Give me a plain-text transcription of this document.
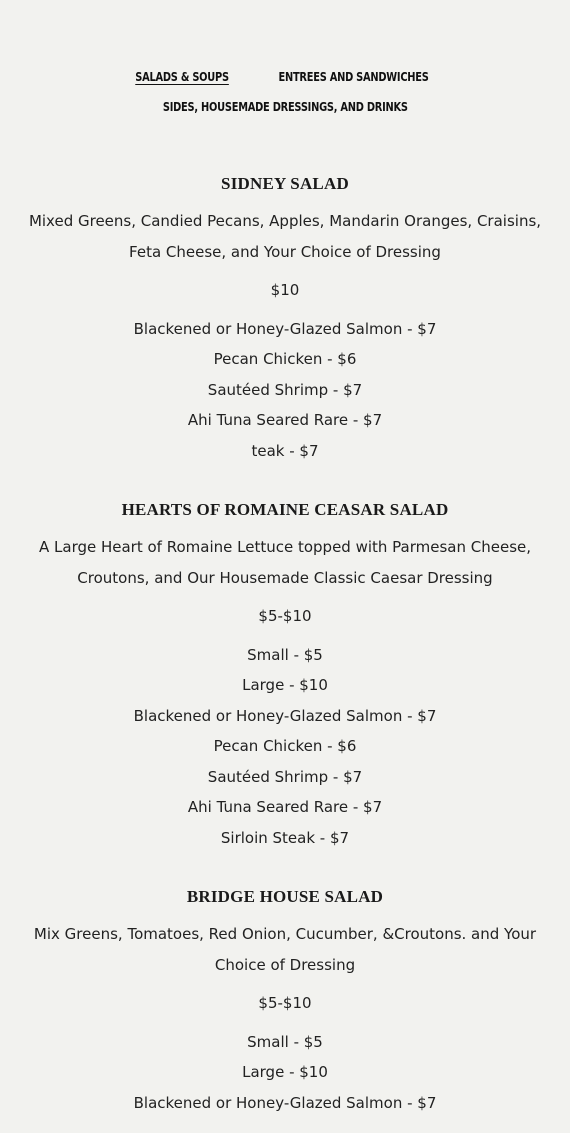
SALADS & SOUPS	ENTREES AND SANDWICHES
SIDES, HOUSEMADE DRESSINGS, AND DRINKS
SIDNEY SALAD

Mixed Greens, Candied Pecans, Apples, Mandarin Oranges, Craisins, Feta Cheese, and Your Choice of Dressing

$10

Blackened or Honey-Glazed Salmon - $7

Pecan Chicken - $6

Sautéed Shrimp - $7

Ahi Tuna Seared Rare - $7

teak - $7

HEARTS OF ROMAINE CEASAR SALAD

A Large Heart of Romaine Lettuce topped with Parmesan Cheese, Croutons, and Our Housemade Classic Caesar Dressing

$5-$10

Small - $5

Large - $10

Blackened or Honey-Glazed Salmon - $7

Pecan Chicken - $6

Sautéed Shrimp - $7

Ahi Tuna Seared Rare - $7

Sirloin Steak - $7

BRIDGE HOUSE SALAD

Mix Greens, Tomatoes, Red Onion, Cucumber, &Croutons. and Your Choice of Dressing

$5-$10

Small - $5

Large - $10

Blackened or Honey-Glazed Salmon - $7
